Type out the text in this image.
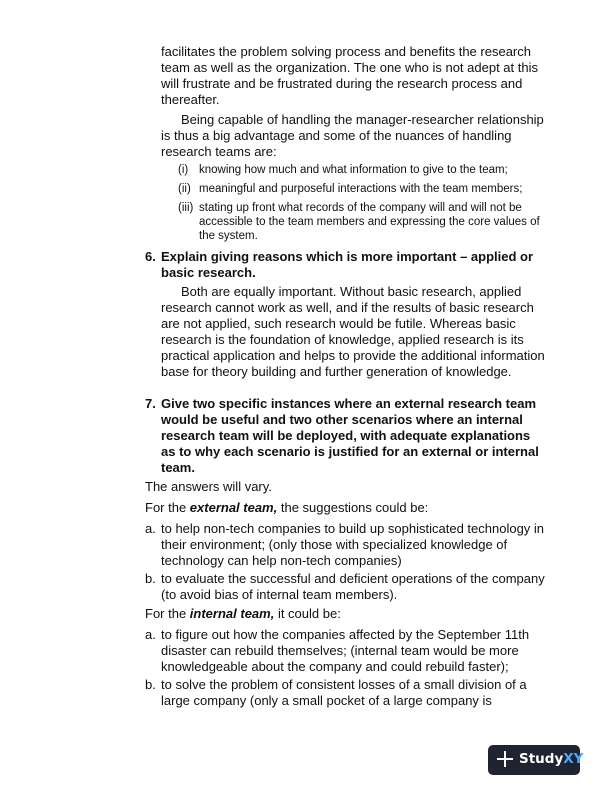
facilitates the problem solving process and benefits the research team as well as the organization. The one who is not adept at this will frustrate and be frustrated during the research process and thereafter.
Being capable of handling the manager-researcher relationship is thus a big advantage and some of the nuances of handling research teams are:
(i) knowing how much and what information to give to the team;
(ii) meaningful and purposeful interactions with the team members;
(iii) stating up front what records of the company will and will not be accessible to the team members and expressing the core values of the system.
6. Explain giving reasons which is more important – applied or basic research.
Both are equally important. Without basic research, applied research cannot work as well, and if the results of basic research are not applied, such research would be futile. Whereas basic research is the foundation of knowledge, applied research is its practical application and helps to provide the additional information base for theory building and further generation of knowledge.
7. Give two specific instances where an external research team would be useful and two other scenarios where an internal research team will be deployed, with adequate explanations as to why each scenario is justified for an external or internal team.
The answers will vary.
For the external team, the suggestions could be:
a. to help non-tech companies to build up sophisticated technology in their environment; (only those with specialized knowledge of technology can help non-tech companies)
b. to evaluate the successful and deficient operations of the company (to avoid bias of internal team members).
For the internal team, it could be:
a. to figure out how the companies affected by the September 11th disaster can rebuild themselves; (internal team would be more knowledgeable about the company and could rebuild faster);
b. to solve the problem of consistent losses of a small division of a large company (only a small pocket of a large company is
StudyXY
